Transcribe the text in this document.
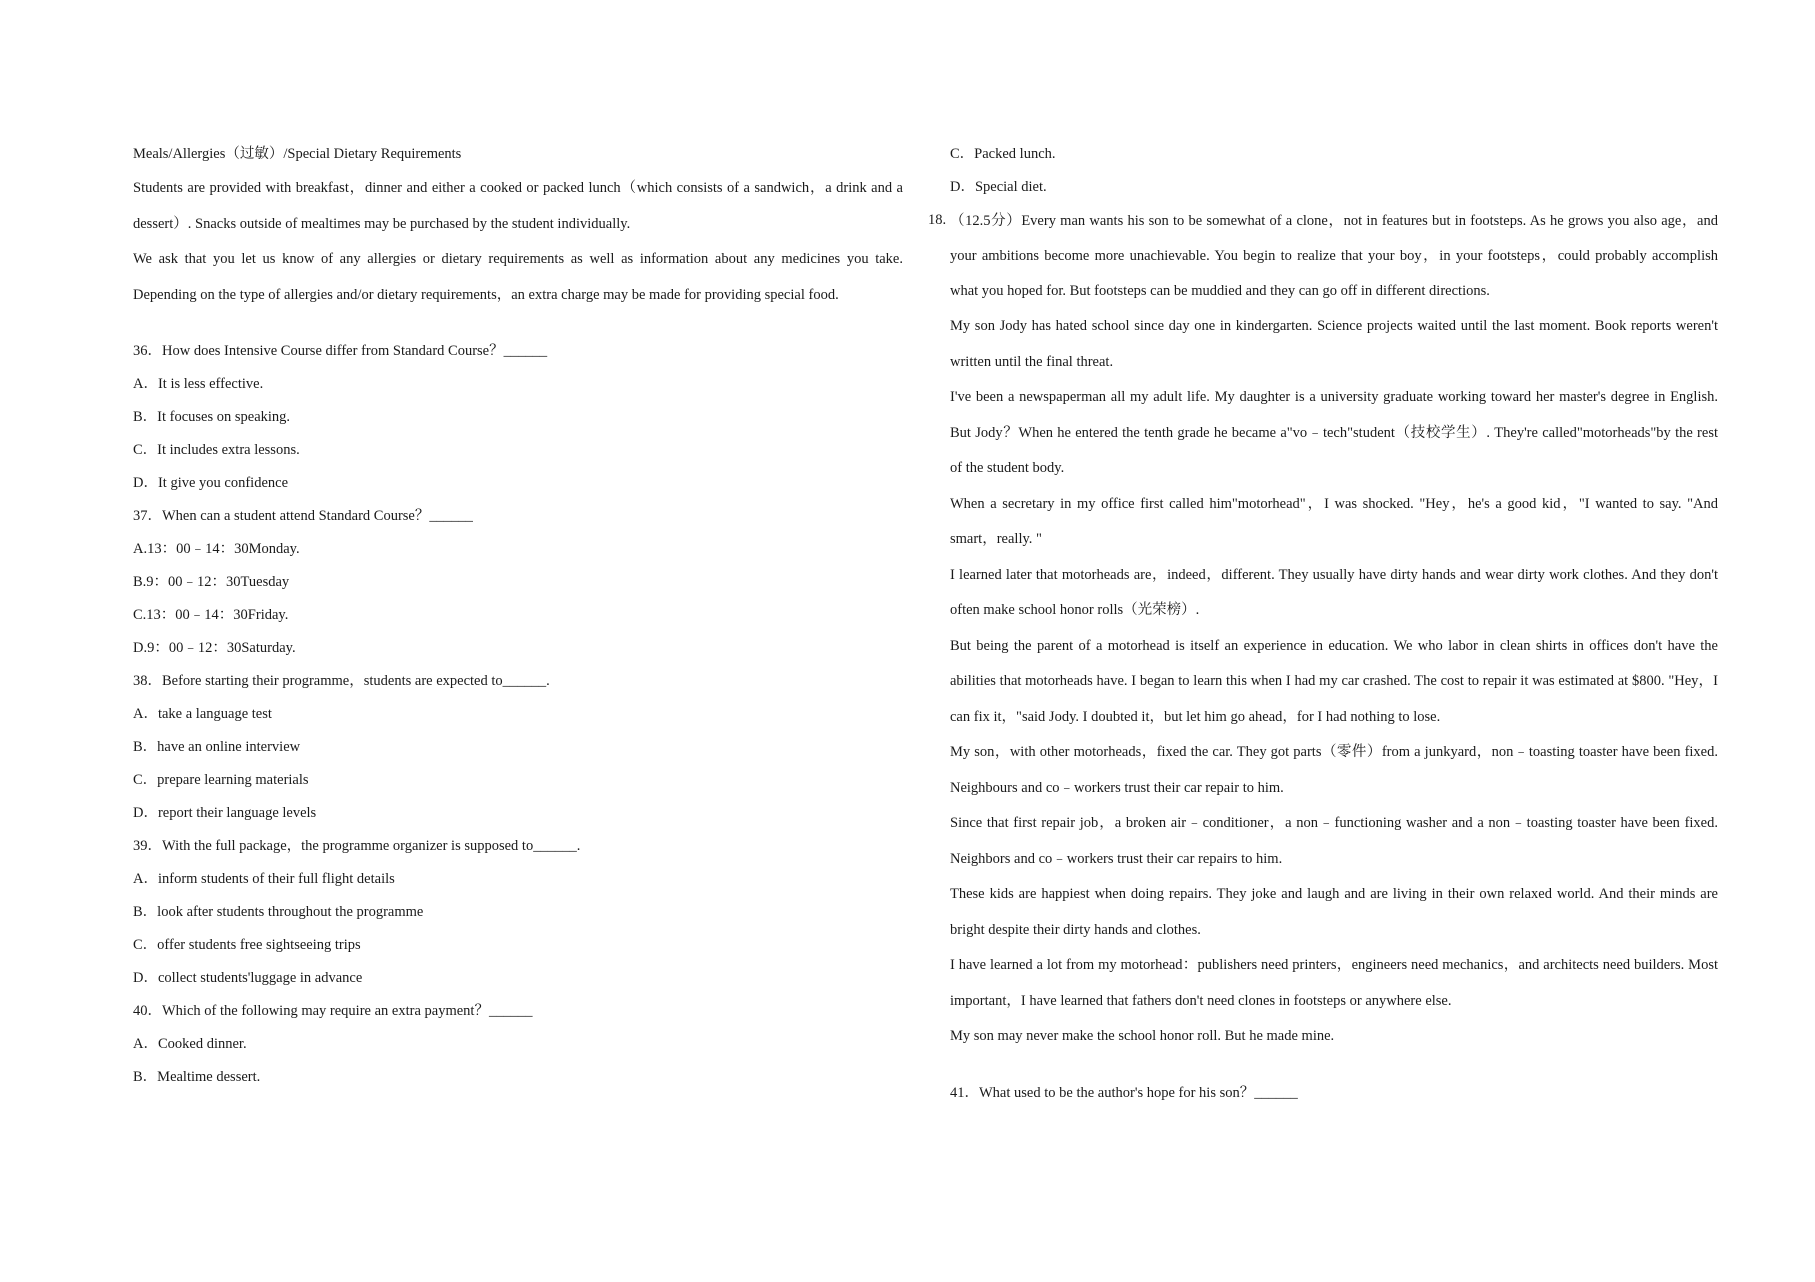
Meals/Allergies（过敏）/Special Dietary Requirements

Students are provided with breakfast，dinner and either a cooked or packed lunch（which consists of a sandwich，a drink and a dessert）. Snacks outside of mealtimes may be purchased by the student individually.

We ask that you let us know of any allergies or dietary requirements as well as information about any medicines you take. Depending on the type of allergies and/or dietary requirements，an extra charge may be made for providing special food.

36．How does Intensive Course differ from Standard Course？______

A．It is less effective.

B．It focuses on speaking.

C．It includes extra lessons.

D．It give you confidence

37．When can a student attend Standard Course？______

A.13：00﹣14：30Monday.

B.9：00﹣12：30Tuesday

C.13：00﹣14：30Friday.

D.9：00﹣12：30Saturday.

38．Before starting their programme，students are expected to______.

A．take a language test

B．have an online interview

C．prepare learning materials

D．report their language levels

39．With the full package，the programme organizer is supposed to______.

A．inform students of their full flight details

B．look after students throughout the programme

C．offer students free sightseeing trips

D．collect students'luggage in advance

40．Which of the following may require an extra payment？______

A．Cooked dinner.

B．Mealtime dessert.

C．Packed lunch.

D．Special diet.

18. （12.5分）Every man wants his son to be somewhat of a clone，not in features but in footsteps. As he grows you also age，and your ambitions become more unachievable. You begin to realize that your boy，in your footsteps，could probably accomplish what you hoped for. But footsteps can be muddied and they can go off in different directions.

My son Jody has hated school since day one in kindergarten. Science projects waited until the last moment. Book reports weren't written until the final threat.

I've been a newspaperman all my adult life. My daughter is a university graduate working toward her master's degree in English. But Jody？When he entered the tenth grade he became a"vo﹣tech"student（技校学生）. They're called"motorheads"by the rest of the student body.

When a secretary in my office first called him"motorhead"，I was shocked. "Hey，he's a good kid，"I wanted to say. "And smart，really. "

I learned later that motorheads are，indeed，different. They usually have dirty hands and wear dirty work clothes. And they don't often make school honor rolls（光荣榜）.

But being the parent of a motorhead is itself an experience in education. We who labor in clean shirts in offices don't have the abilities that motorheads have. I began to learn this when I had my car crashed. The cost to repair it was estimated at $800. "Hey，I can fix it，"said Jody. I doubted it，but let him go ahead，for I had nothing to lose.

My son，with other motorheads，fixed the car. They got parts（零件）from a junkyard，non﹣toasting toaster have been fixed. Neighbours and co﹣workers trust their car repair to him.

Since that first repair job，a broken air﹣conditioner，a non﹣functioning washer and a non﹣toasting toaster have been fixed. Neighbors and co﹣workers trust their car repairs to him.

These kids are happiest when doing repairs. They joke and laugh and are living in their own relaxed world. And their minds are bright despite their dirty hands and clothes.

I have learned a lot from my motorhead：publishers need printers，engineers need mechanics，and architects need builders. Most important，I have learned that fathers don't need clones in footsteps or anywhere else.

My son may never make the school honor roll. But he made mine.

41．What used to be the author's hope for his son？______
